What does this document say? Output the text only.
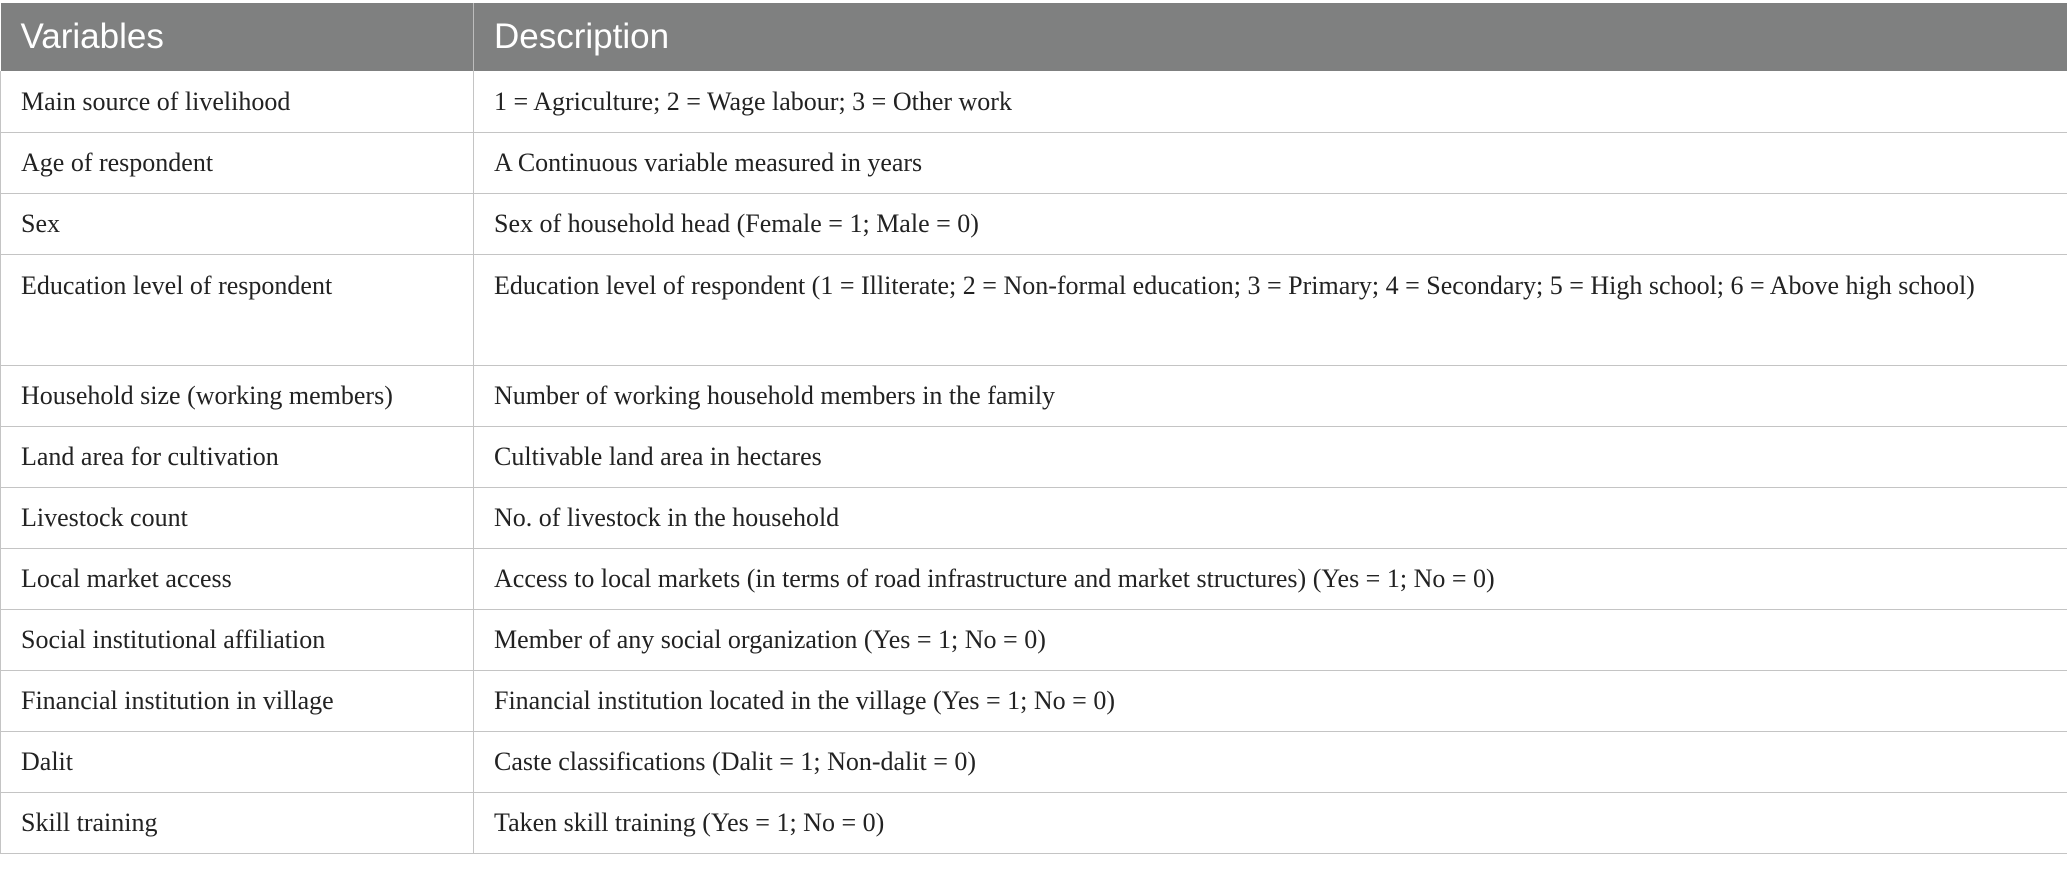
Variables	Description
Main source of livelihood	1 = Agriculture; 2 = Wage labour; 3 = Other work
Age of respondent	A Continuous variable measured in years
Sex	Sex of household head (Female = 1; Male = 0)
Education level of respondent	Education level of respondent (1 = Illiterate; 2 = Non-formal education; 3 = Primary; 4 = Secondary; 5 = High school; 6 = Above high school)
Household size (working members)	Number of working household members in the family
Land area for cultivation	Cultivable land area in hectares
Livestock count	No. of livestock in the household
Local market access	Access to local markets (in terms of road infrastructure and market structures) (Yes = 1; No = 0)
Social institutional affiliation	Member of any social organization (Yes = 1; No = 0)
Financial institution in village	Financial institution located in the village (Yes = 1; No = 0)
Dalit	Caste classifications (Dalit = 1; Non-dalit = 0)
Skill training	Taken skill training (Yes = 1; No = 0)
